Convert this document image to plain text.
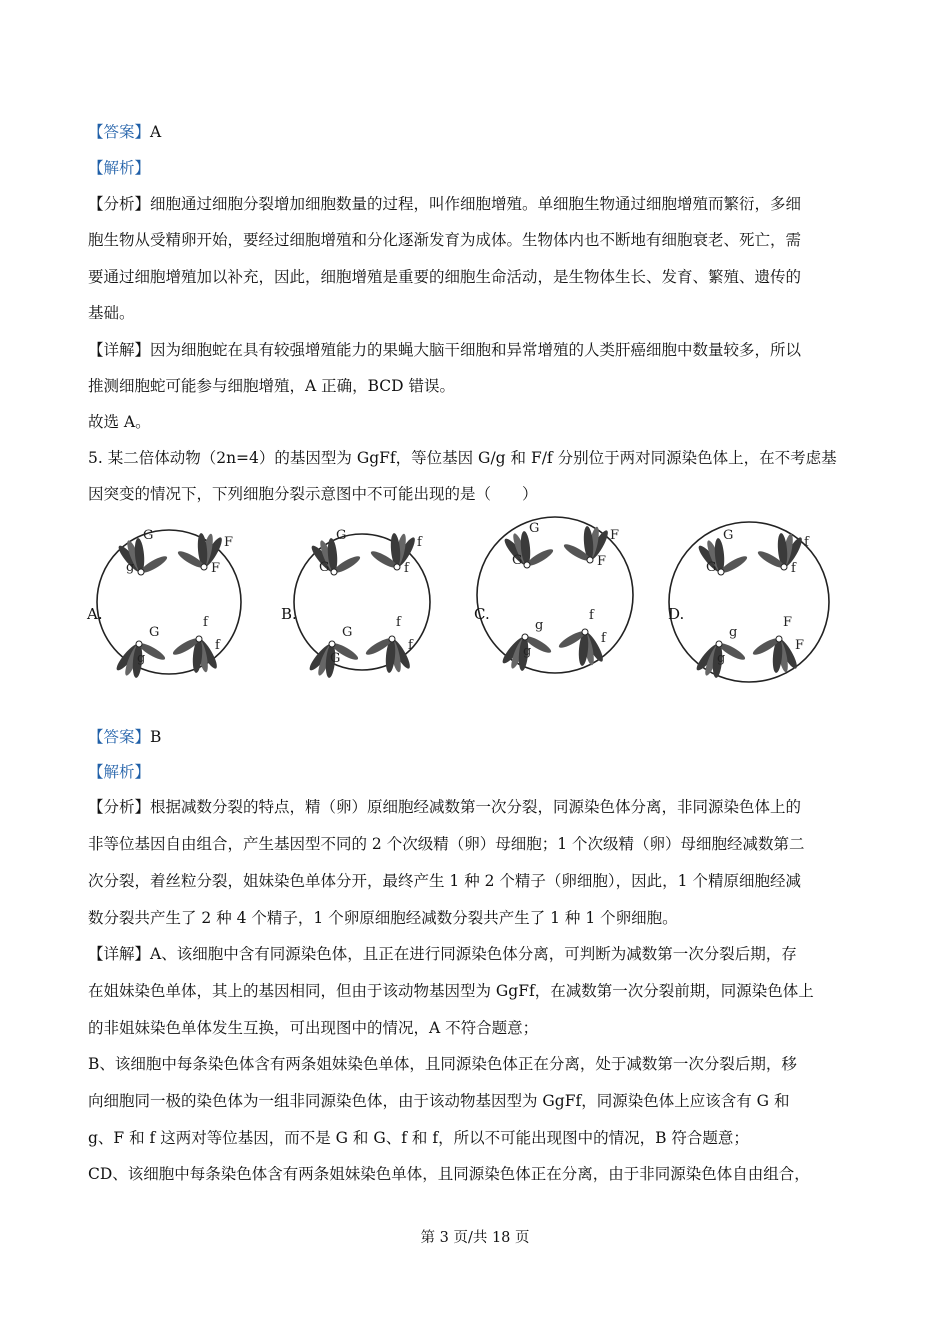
【答案】A
【解析】
【分析】细胞通过细胞分裂增加细胞数量的过程，叫作细胞增殖。单细胞生物通过细胞增殖而繁衍，多细
胞生物从受精卵开始，要经过细胞增殖和分化逐渐发育为成体。生物体内也不断地有细胞衰老、死亡，需
要通过细胞增殖加以补充，因此，细胞增殖是重要的细胞生命活动，是生物体生长、发育、繁殖、遗传的
基础。
【详解】因为细胞蛇在具有较强增殖能力的果蝇大脑干细胞和异常增殖的人类肝癌细胞中数量较多，所以
推测细胞蛇可能参与细胞增殖，A 正确，BCD 错误。
故选 A。
5. 某二倍体动物（2n=4）的基因型为 GgFf，等位基因 G/g 和 F/f 分别位于两对同源染色体上，在不考虑基
因突变的情况下，下列细胞分裂示意图中不可能出现的是（　　）
G
g
F
F
G
g
f
f
G
G
f
f
G
G
f
f
G
G
F
F
g
g
f
f
G
G
f
f
g
g
F
F
A.	B.	C.	D.
【答案】B
【解析】
【分析】根据减数分裂的特点，精（卵）原细胞经减数第一次分裂，同源染色体分离，非同源染色体上的
非等位基因自由组合，产生基因型不同的 2 个次级精（卵）母细胞；1 个次级精（卵）母细胞经减数第二
次分裂，着丝粒分裂，姐妹染色单体分开，最终产生 1 种 2 个精子（卵细胞），因此，1 个精原细胞经减
数分裂共产生了 2 种 4 个精子，1 个卵原细胞经减数分裂共产生了 1 种 1 个卵细胞。
【详解】A、该细胞中含有同源染色体，且正在进行同源染色体分离，可判断为减数第一次分裂后期，存
在姐妹染色单体，其上的基因相同，但由于该动物基因型为 GgFf，在减数第一次分裂前期，同源染色体上
的非姐妹染色单体发生互换，可出现图中的情况，A 不符合题意；
B、该细胞中每条染色体含有两条姐妹染色单体，且同源染色体正在分离，处于减数第一次分裂后期，移
向细胞同一极的染色体为一组非同源染色体，由于该动物基因型为 GgFf，同源染色体上应该含有 G 和
g、F 和 f 这两对等位基因，而不是 G 和 G、f 和 f，所以不可能出现图中的情况，B 符合题意；
CD、该细胞中每条染色体含有两条姐妹染色单体，且同源染色体正在分离，由于非同源染色体自由组合，
第 3 页/共 18 页
